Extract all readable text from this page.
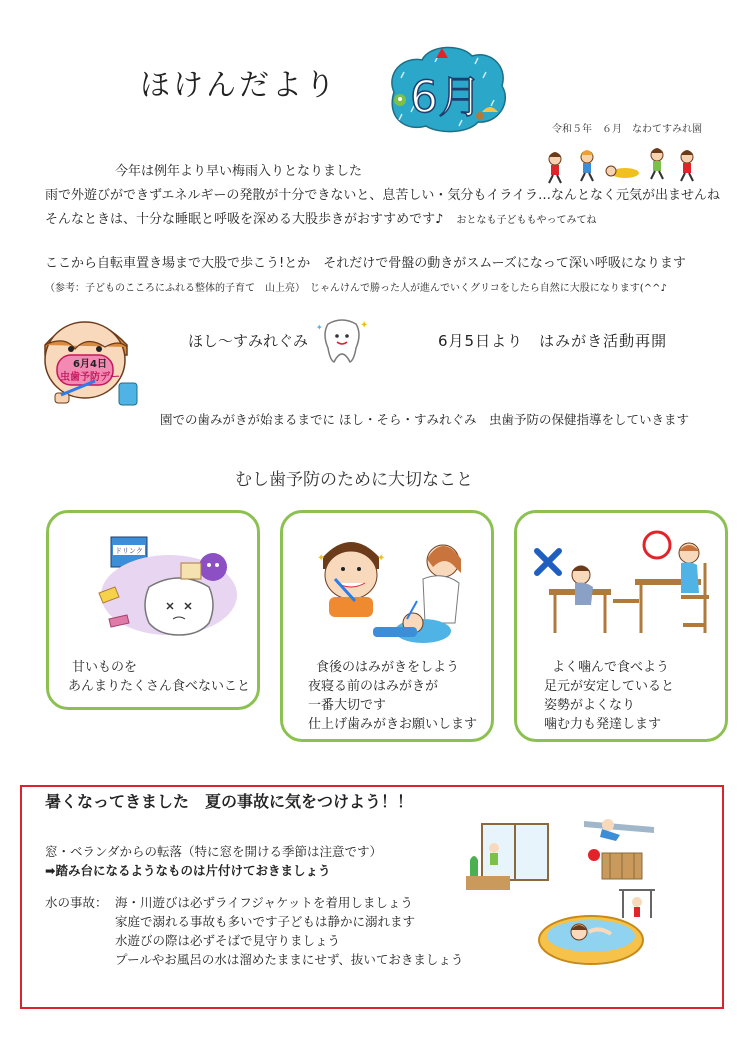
ほけんだより 6月
令和５年　６月　なわてすみれ園
今年は例年より早い梅雨入りとなりました
雨で外遊びができずエネルギーの発散が十分できないと、息苦しい・気分もイライラ…なんとなく元気が出ませんね
そんなときは、十分な睡眠と呼吸を深める大股歩きがおすすめです♪　 おとなも子どももやってみてね
ここから自転車置き場まで大股で歩こう!とか　それだけで骨盤の動きがスムーズになって深い呼吸になります
（参考：子どものこころにふれる整体的子育て　山上亮） じゃんけんで勝った人が進んでいくグリコをしたら自然に大股になります(^^♪
6月4日
虫歯予防デー
ほし～すみれぐみ
✦
✦
6月5日より　はみがき活動再開
園での歯みがきが始まるまでに ほし・そら・すみれぐみ　虫歯予防の保健指導をしていきます
むし歯予防のために大切なこと
ドリンク
甘いものを
あんまりたくさん食べないこと
✦	✦
食後のはみがきをしよう
夜寝る前のはみがきが
一番大切です
仕上げ歯みがきお願いします
よく噛んで食べよう
足元が安定していると
姿勢がよくなり
噛む力も発達します
暑くなってきました　夏の事故に気をつけよう！！
窓・ベランダからの転落（特に窓を開ける季節は注意です）
➡踏み台になるようなものは片付けておきましょう
水の事故： 海・川遊びは必ずライフジャケットを着用しましょう
家庭で溺れる事故も多いです子どもは静かに溺れます
水遊びの際は必ずそばで見守りましょう
プールやお風呂の水は溜めたままにせず、抜いておきましょう
